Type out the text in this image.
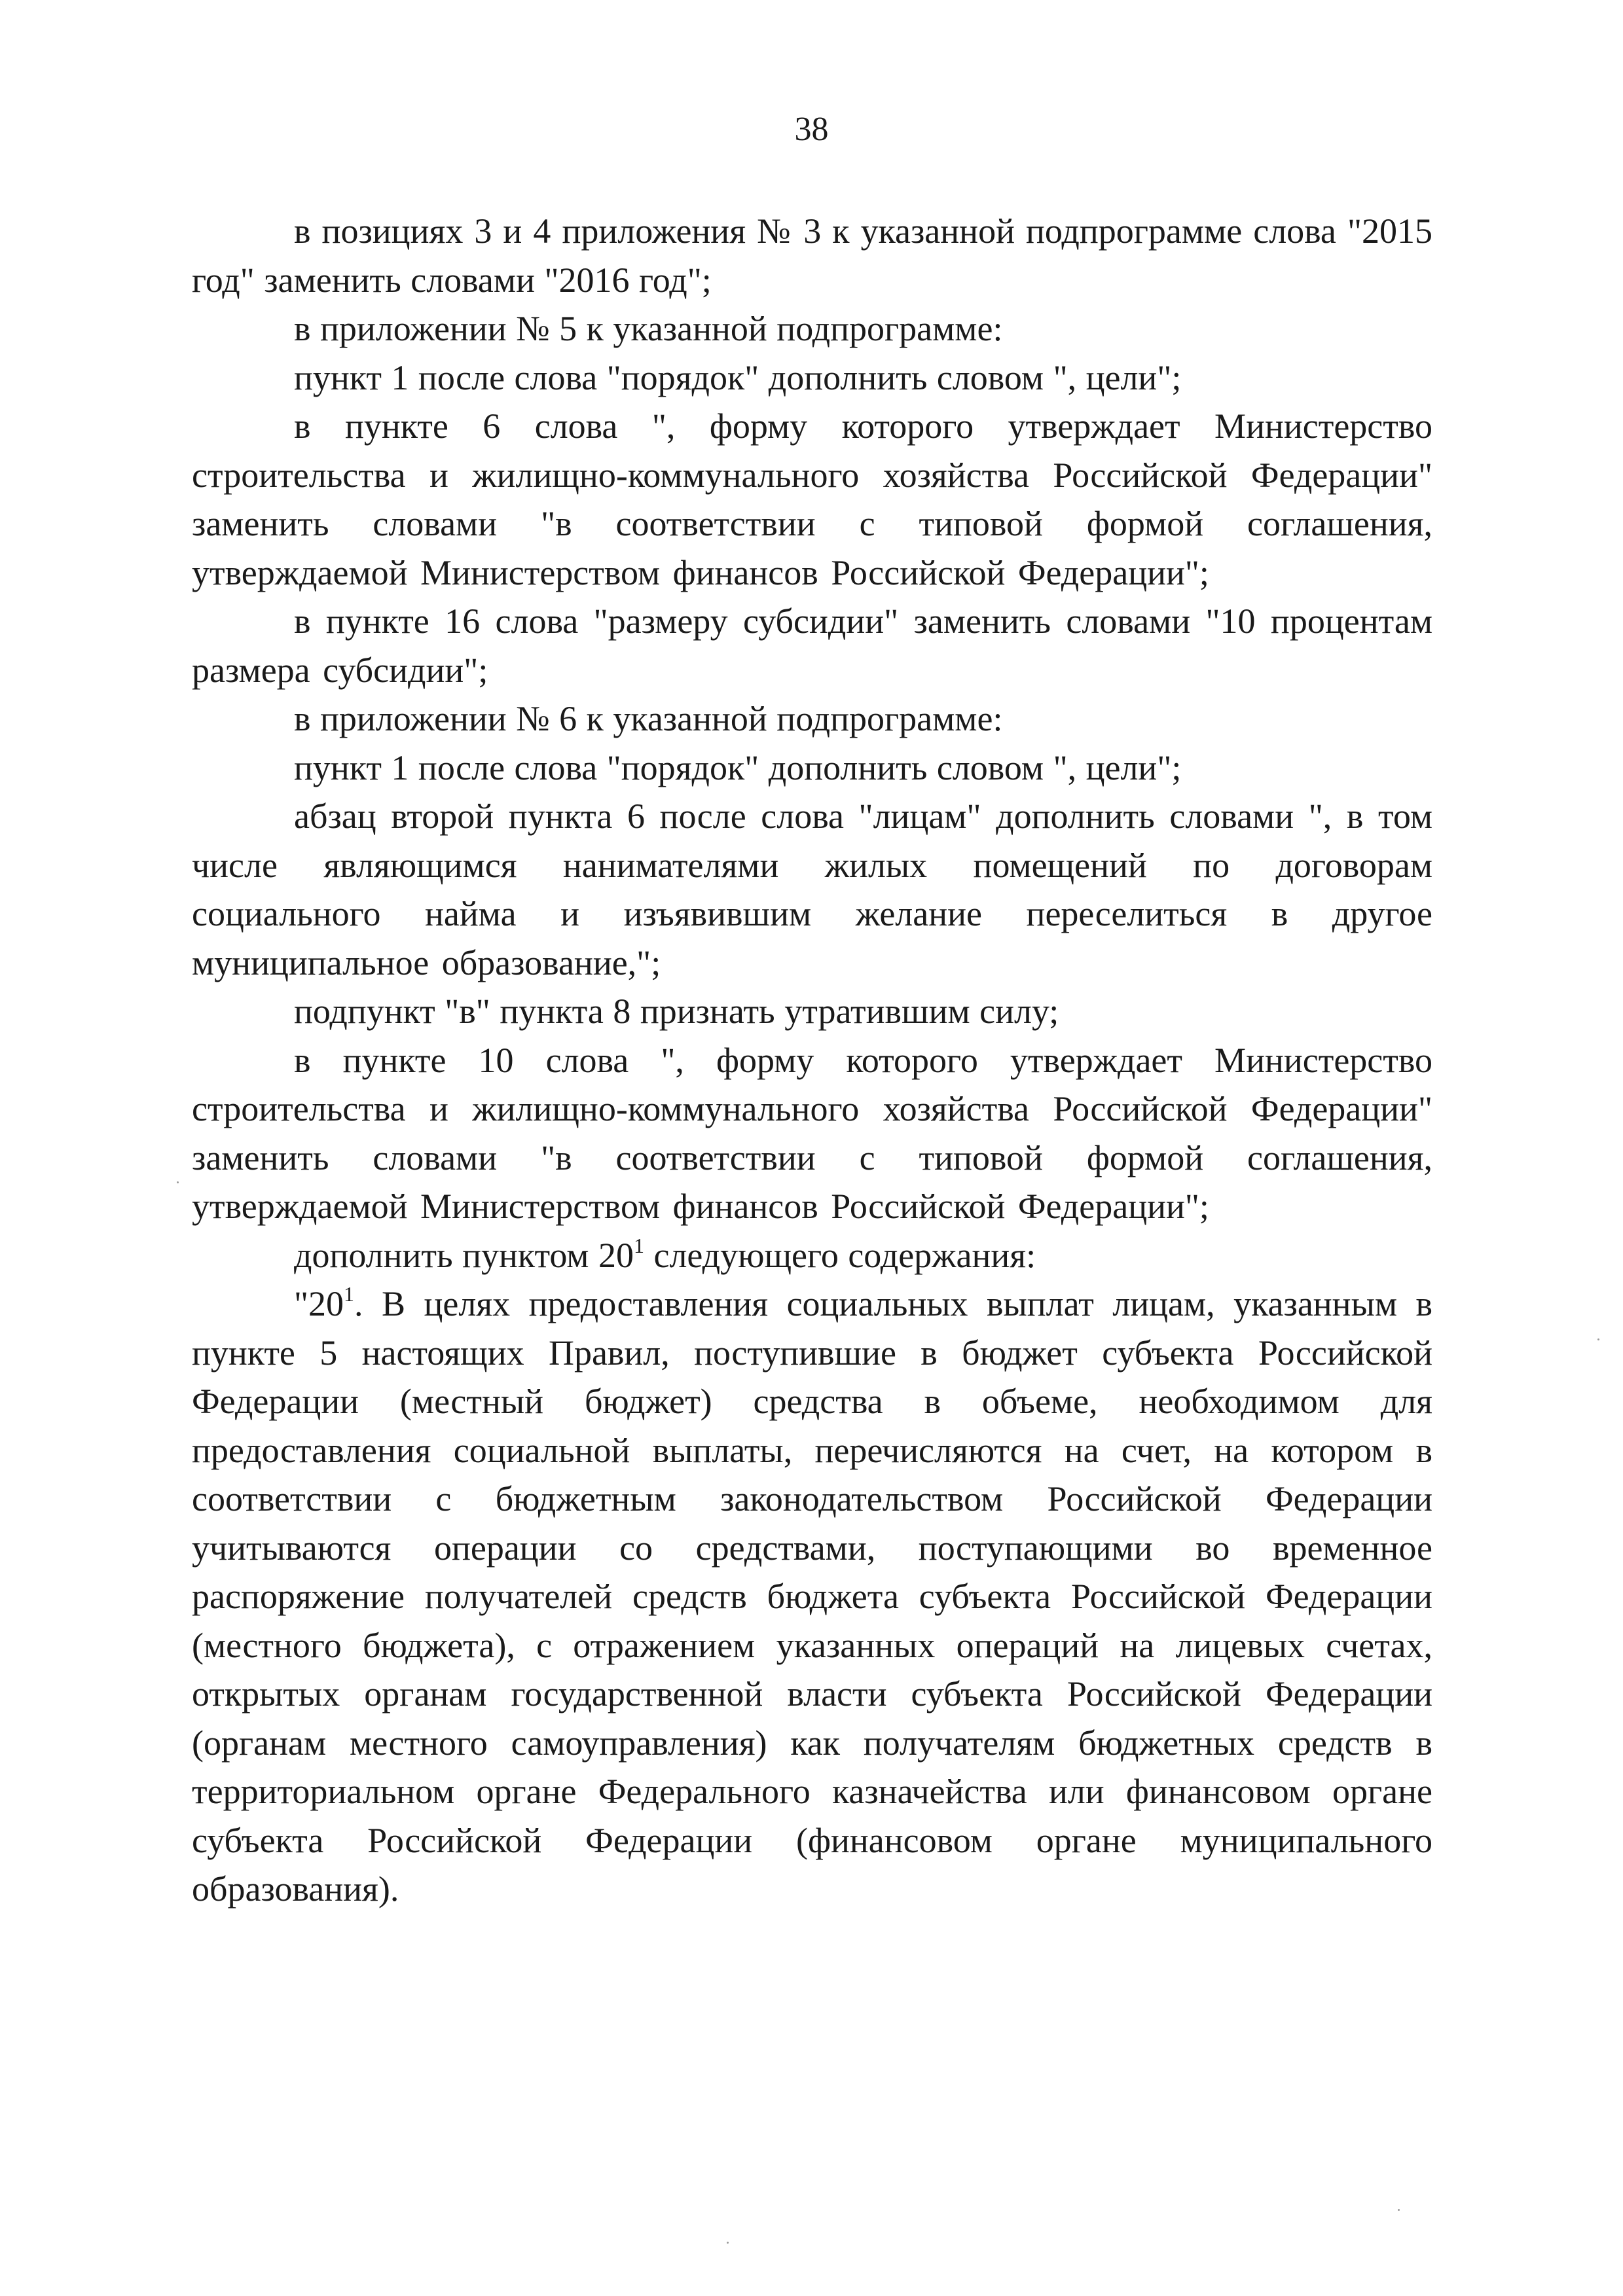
38

в позициях 3 и 4 приложения № 3 к указанной подпрограмме слова "2015 год" заменить словами "2016 год";

в приложении № 5 к указанной подпрограмме:

пункт 1 после слова "порядок" дополнить словом ", цели";

в пункте 6 слова ", форму которого утверждает Министерство строительства и жилищно-коммунального хозяйства Российской Федерации" заменить словами "в соответствии с типовой формой соглашения, утверждаемой Министерством финансов Российской Федерации";

в пункте 16 слова "размеру субсидии" заменить словами "10 процентам размера субсидии";

в приложении № 6 к указанной подпрограмме:

пункт 1 после слова "порядок" дополнить словом ", цели";

абзац второй пункта 6 после слова "лицам" дополнить словами ", в том числе являющимся нанимателями жилых помещений по договорам социального найма и изъявившим желание переселиться в другое муниципальное образование,";

подпункт "в" пункта 8 признать утратившим силу;

в пункте 10 слова ", форму которого утверждает Министерство строительства и жилищно-коммунального хозяйства Российской Федерации" заменить словами "в соответствии с типовой формой соглашения, утверждаемой Министерством финансов Российской Федерации";

дополнить пунктом $20^1$ следующего содержания:

"$20^1$. В целях предоставления социальных выплат лицам, указанным в пункте 5 настоящих Правил, поступившие в бюджет субъекта Российской Федерации (местный бюджет) средства в объеме, необходимом для предоставления социальной выплаты, перечисляются на счет, на котором в соответствии с бюджетным законодательством Российской Федерации учитываются операции со средствами, поступающими во временное распоряжение получателей средств бюджета субъекта Российской Федерации (местного бюджета), с отражением указанных операций на лицевых счетах, открытых органам государственной власти субъекта Российской Федерации (органам местного самоуправления) как получателям бюджетных средств в территориальном органе Федерального казначейства или финансовом органе субъекта Российской Федерации (финансовом органе муниципального образования).
